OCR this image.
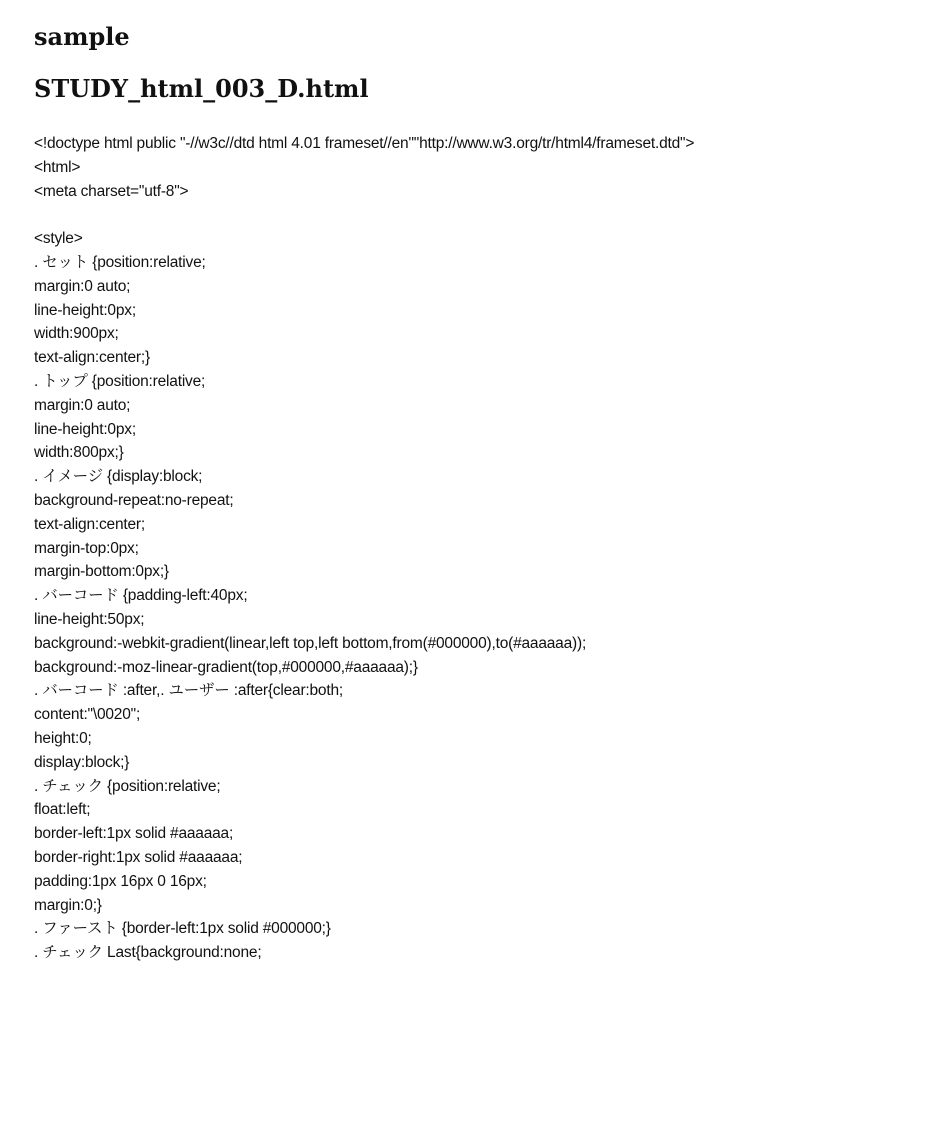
sample
STUDY_html_003_D.html
<!doctype html public "-//w3c//dtd html 4.01 frameset//en""http://www.w3.org/tr/html4/frameset.dtd">
<html>
<meta charset="utf-8">
<style>
. セット {position:relative;
margin:0 auto;
line-height:0px;
width:900px;
text-align:center;}
. トップ {position:relative;
margin:0 auto;
line-height:0px;
width:800px;}
. イメージ {display:block;
background-repeat:no-repeat;
text-align:center;
margin-top:0px;
margin-bottom:0px;}
. バーコード {padding-left:40px;
line-height:50px;
background:-webkit-gradient(linear,left top,left bottom,from(#000000),to(#aaaaaa));
background:-moz-linear-gradient(top,#000000,#aaaaaa);}
. バーコード :after,. ユーザー :after{clear:both;
content:"\0020";
height:0;
display:block;}
. チェック {position:relative;
float:left;
border-left:1px solid #aaaaaa;
border-right:1px solid #aaaaaa;
padding:1px 16px 0 16px;
margin:0;}
. ファースト {border-left:1px solid #000000;}
. チェック Last{background:none;
